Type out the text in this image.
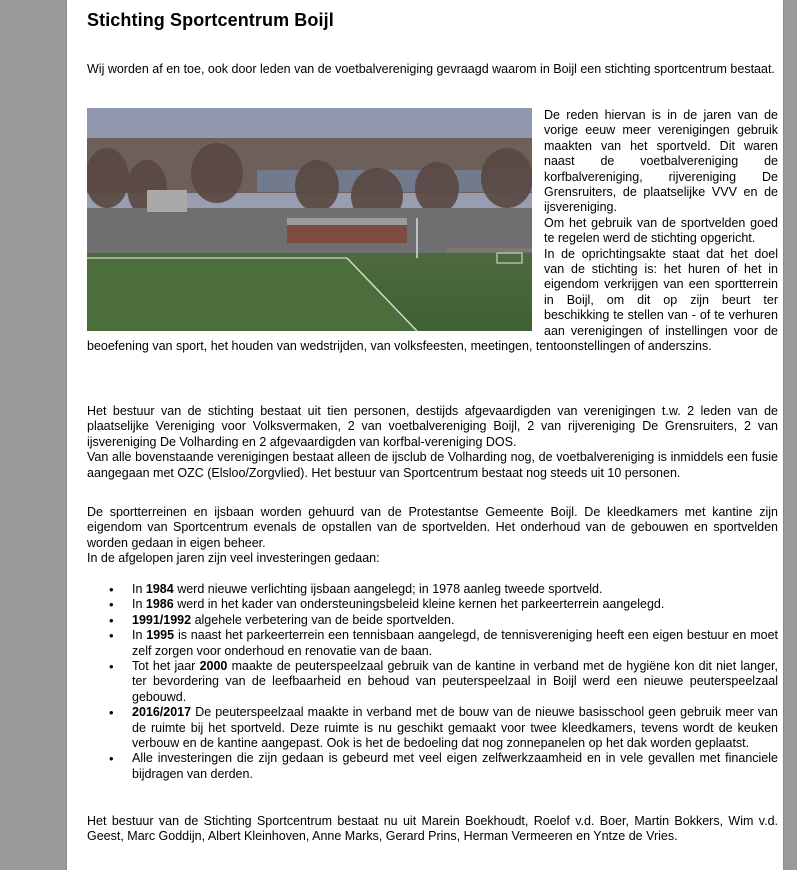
Stichting Sportcentrum Boijl

Wij worden af en toe, ook door leden van de voetbalvereniging gevraagd waarom in Boijl een stichting sportcentrum bestaat.

De reden hiervan is in de jaren van de vorige eeuw meer verenigingen gebruik maakten van het sportveld. Dit waren naast de voetbalvereniging de korfbalvereniging, rijvereniging De Grensruiters, de plaatselijke VVV en de ijsvereniging.

Om het gebruik van de sportvelden goed te regelen werd de stichting opgericht.

In de oprichtingsakte staat dat het doel van de stichting is: het huren of het in eigendom verkrijgen van een sportterrein in Boijl, om dit op zijn beurt ter beschikking te stellen van - of te verhuren aan verenigingen of instellingen voor de beoefening van sport, het houden van wedstrijden, van volksfeesten, meetingen, tentoonstellingen of anderszins.

Het bestuur van de stichting bestaat uit tien personen, destijds afgevaardigden van verenigingen t.w. 2 leden van de plaatselijke Vereniging voor Volksvermaken, 2 van voetbalvereniging Boijl, 2 van rijvereniging De Grensruiters, 2 van ijsvereniging De Volharding en 2 afgevaardigden van korfbal-vereniging DOS.

Van alle bovenstaande verenigingen bestaat alleen de ijsclub de Volharding nog, de voetbalvereniging is inmiddels een fusie aangegaan met OZC (Elsloo/Zorgvlied). Het bestuur van Sportcentrum bestaat nog steeds uit 10 personen.

De sportterreinen en ijsbaan worden gehuurd van de Protestantse Gemeente Boijl. De kleedkamers met kantine zijn eigendom van Sportcentrum evenals de opstallen van de sportvelden. Het onderhoud van de gebouwen en sportvelden worden gedaan in eigen beheer.

In de afgelopen jaren zijn veel investeringen gedaan:

• In 1984 werd nieuwe verlichting ijsbaan aangelegd; in 1978 aanleg tweede sportveld.
• In 1986 werd in het kader van ondersteuningsbeleid kleine kernen het parkeerterrein aangelegd.
• 1991/1992 algehele verbetering van de beide sportvelden.
• In 1995 is naast het parkeerterrein een tennisbaan aangelegd, de tennisvereniging heeft een eigen bestuur en moet zelf zorgen voor onderhoud en renovatie van de baan.
• Tot het jaar 2000 maakte de peuterspeelzaal gebruik van de kantine in verband met de hygiëne kon dit niet langer, ter bevordering van de leefbaarheid en behoud van peuterspeelzaal in Boijl werd een nieuwe peuterspeelzaal gebouwd.
• 2016/2017 De peuterspeelzaal maakte in verband met de bouw van de nieuwe basisschool geen gebruik meer van de ruimte bij het sportveld. Deze ruimte is nu geschikt gemaakt voor twee kleedkamers, tevens wordt de keuken verbouw en de kantine aangepast. Ook is het de bedoeling dat nog zonnepanelen op het dak worden geplaatst.
• Alle investeringen die zijn gedaan is gebeurd met veel eigen zelfwerkzaamheid en in vele gevallen met financiele bijdragen van derden.

Het bestuur van de Stichting Sportcentrum bestaat nu uit Marein Boekhoudt, Roelof v.d. Boer, Martin Bokkers, Wim v.d. Geest, Marc Goddijn, Albert Kleinhoven, Anne Marks, Gerard Prins, Herman Vermeeren en Yntze de Vries.
